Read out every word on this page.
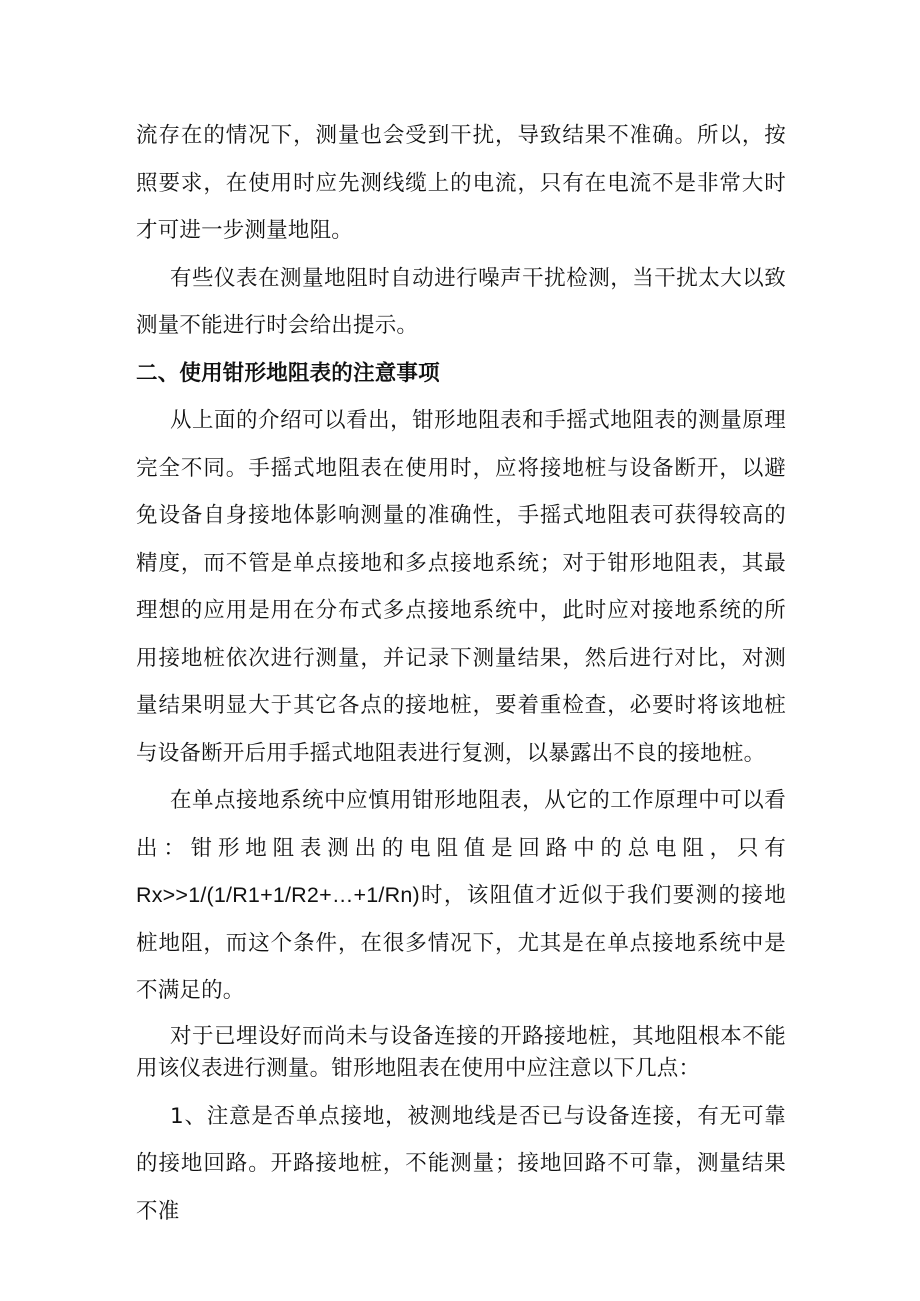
流存在的情况下，测量也会受到干扰，导致结果不准确。所以，按照要求，在使用时应先测线缆上的电流，只有在电流不是非常大时才可进一步测量地阻。

有些仪表在测量地阻时自动进行噪声干扰检测，当干扰太大以致测量不能进行时会给出提示。

二、使用钳形地阻表的注意事项

从上面的介绍可以看出，钳形地阻表和手摇式地阻表的测量原理完全不同。手摇式地阻表在使用时，应将接地桩与设备断开，以避免设备自身接地体影响测量的准确性，手摇式地阻表可获得较高的精度，而不管是单点接地和多点接地系统；对于钳形地阻表，其最理想的应用是用在分布式多点接地系统中，此时应对接地系统的所用接地桩依次进行测量，并记录下测量结果，然后进行对比，对测量结果明显大于其它各点的接地桩，要着重检查，必要时将该地桩与设备断开后用手摇式地阻表进行复测，以暴露出不良的接地桩。

在单点接地系统中应慎用钳形地阻表，从它的工作原理中可以看出：钳形地阻表测出的电阻值是回路中的总电阻，只有Rx>>1/(1/R1+1/R2+…+1/Rn)时，该阻值才近似于我们要测的接地桩地阻，而这个条件，在很多情况下，尤其是在单点接地系统中是不满足的。

对于已埋设好而尚未与设备连接的开路接地桩，其地阻根本不能用该仪表进行测量。钳形地阻表在使用中应注意以下几点：

1、注意是否单点接地，被测地线是否已与设备连接，有无可靠的接地回路。开路接地桩，不能测量；接地回路不可靠，测量结果不准
